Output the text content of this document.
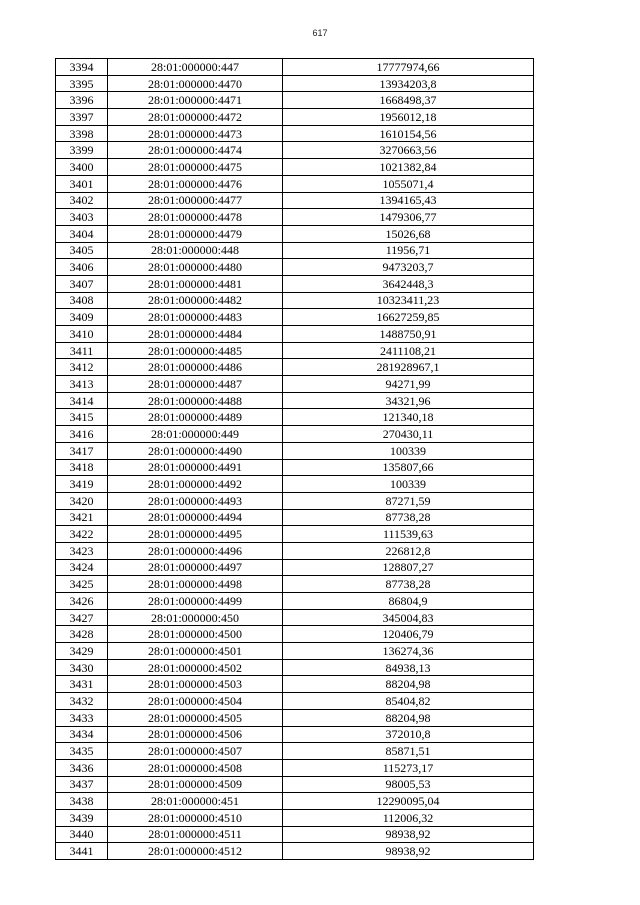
617
3394	28:01:000000:447	17777974,66
3395	28:01:000000:4470	13934203,8
3396	28:01:000000:4471	1668498,37
3397	28:01:000000:4472	1956012,18
3398	28:01:000000:4473	1610154,56
3399	28:01:000000:4474	3270663,56
3400	28:01:000000:4475	1021382,84
3401	28:01:000000:4476	1055071,4
3402	28:01:000000:4477	1394165,43
3403	28:01:000000:4478	1479306,77
3404	28:01:000000:4479	15026,68
3405	28:01:000000:448	11956,71
3406	28:01:000000:4480	9473203,7
3407	28:01:000000:4481	3642448,3
3408	28:01:000000:4482	10323411,23
3409	28:01:000000:4483	16627259,85
3410	28:01:000000:4484	1488750,91
3411	28:01:000000:4485	2411108,21
3412	28:01:000000:4486	281928967,1
3413	28:01:000000:4487	94271,99
3414	28:01:000000:4488	34321,96
3415	28:01:000000:4489	121340,18
3416	28:01:000000:449	270430,11
3417	28:01:000000:4490	100339
3418	28:01:000000:4491	135807,66
3419	28:01:000000:4492	100339
3420	28:01:000000:4493	87271,59
3421	28:01:000000:4494	87738,28
3422	28:01:000000:4495	111539,63
3423	28:01:000000:4496	226812,8
3424	28:01:000000:4497	128807,27
3425	28:01:000000:4498	87738,28
3426	28:01:000000:4499	86804,9
3427	28:01:000000:450	345004,83
3428	28:01:000000:4500	120406,79
3429	28:01:000000:4501	136274,36
3430	28:01:000000:4502	84938,13
3431	28:01:000000:4503	88204,98
3432	28:01:000000:4504	85404,82
3433	28:01:000000:4505	88204,98
3434	28:01:000000:4506	372010,8
3435	28:01:000000:4507	85871,51
3436	28:01:000000:4508	115273,17
3437	28:01:000000:4509	98005,53
3438	28:01:000000:451	12290095,04
3439	28:01:000000:4510	112006,32
3440	28:01:000000:4511	98938,92
3441	28:01:000000:4512	98938,92
